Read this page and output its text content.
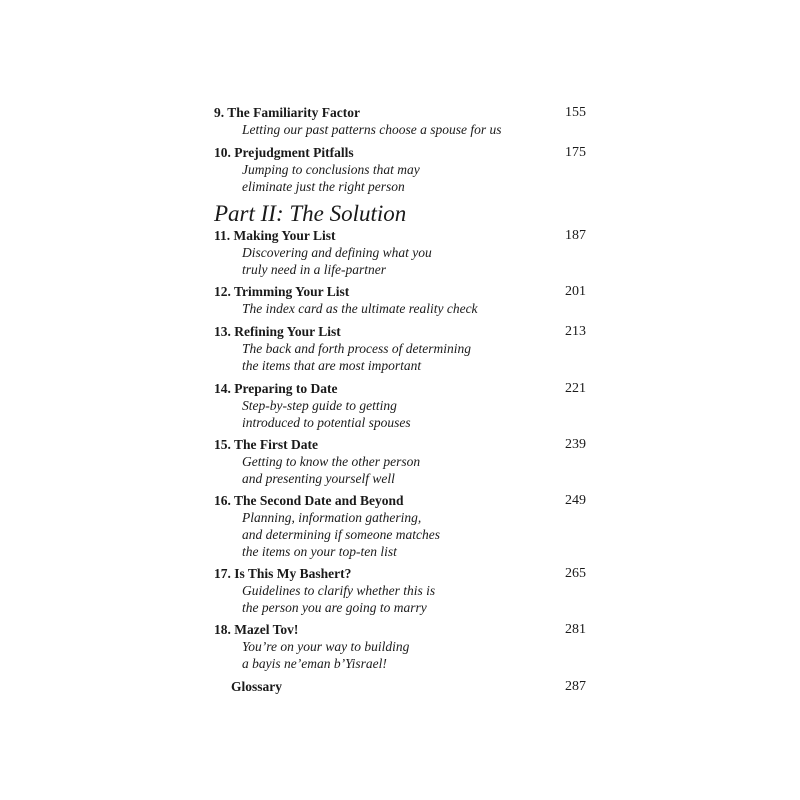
9. The Familiarity Factor	155
Letting our past patterns choose a spouse for us
10. Prejudgment Pitfalls	175
Jumping to conclusions that may
eliminate just the right person
Part II: The Solution
11. Making Your List	187
Discovering and defining what you
truly need in a life-partner
12. Trimming Your List	201
The index card as the ultimate reality check
13. Refining Your List	213
The back and forth process of determining
the items that are most important
14. Preparing to Date	221
Step-by-step guide to getting
introduced to potential spouses
15. The First Date	239
Getting to know the other person
and presenting yourself well
16. The Second Date and Beyond	249
Planning, information gathering,
and determining if someone matches
the items on your top-ten list
17. Is This My Bashert?	265
Guidelines to clarify whether this is
the person you are going to marry
18. Mazel Tov!	281
You’re on your way to building
a bayis ne’eman b’Yisrael!
Glossary	287
